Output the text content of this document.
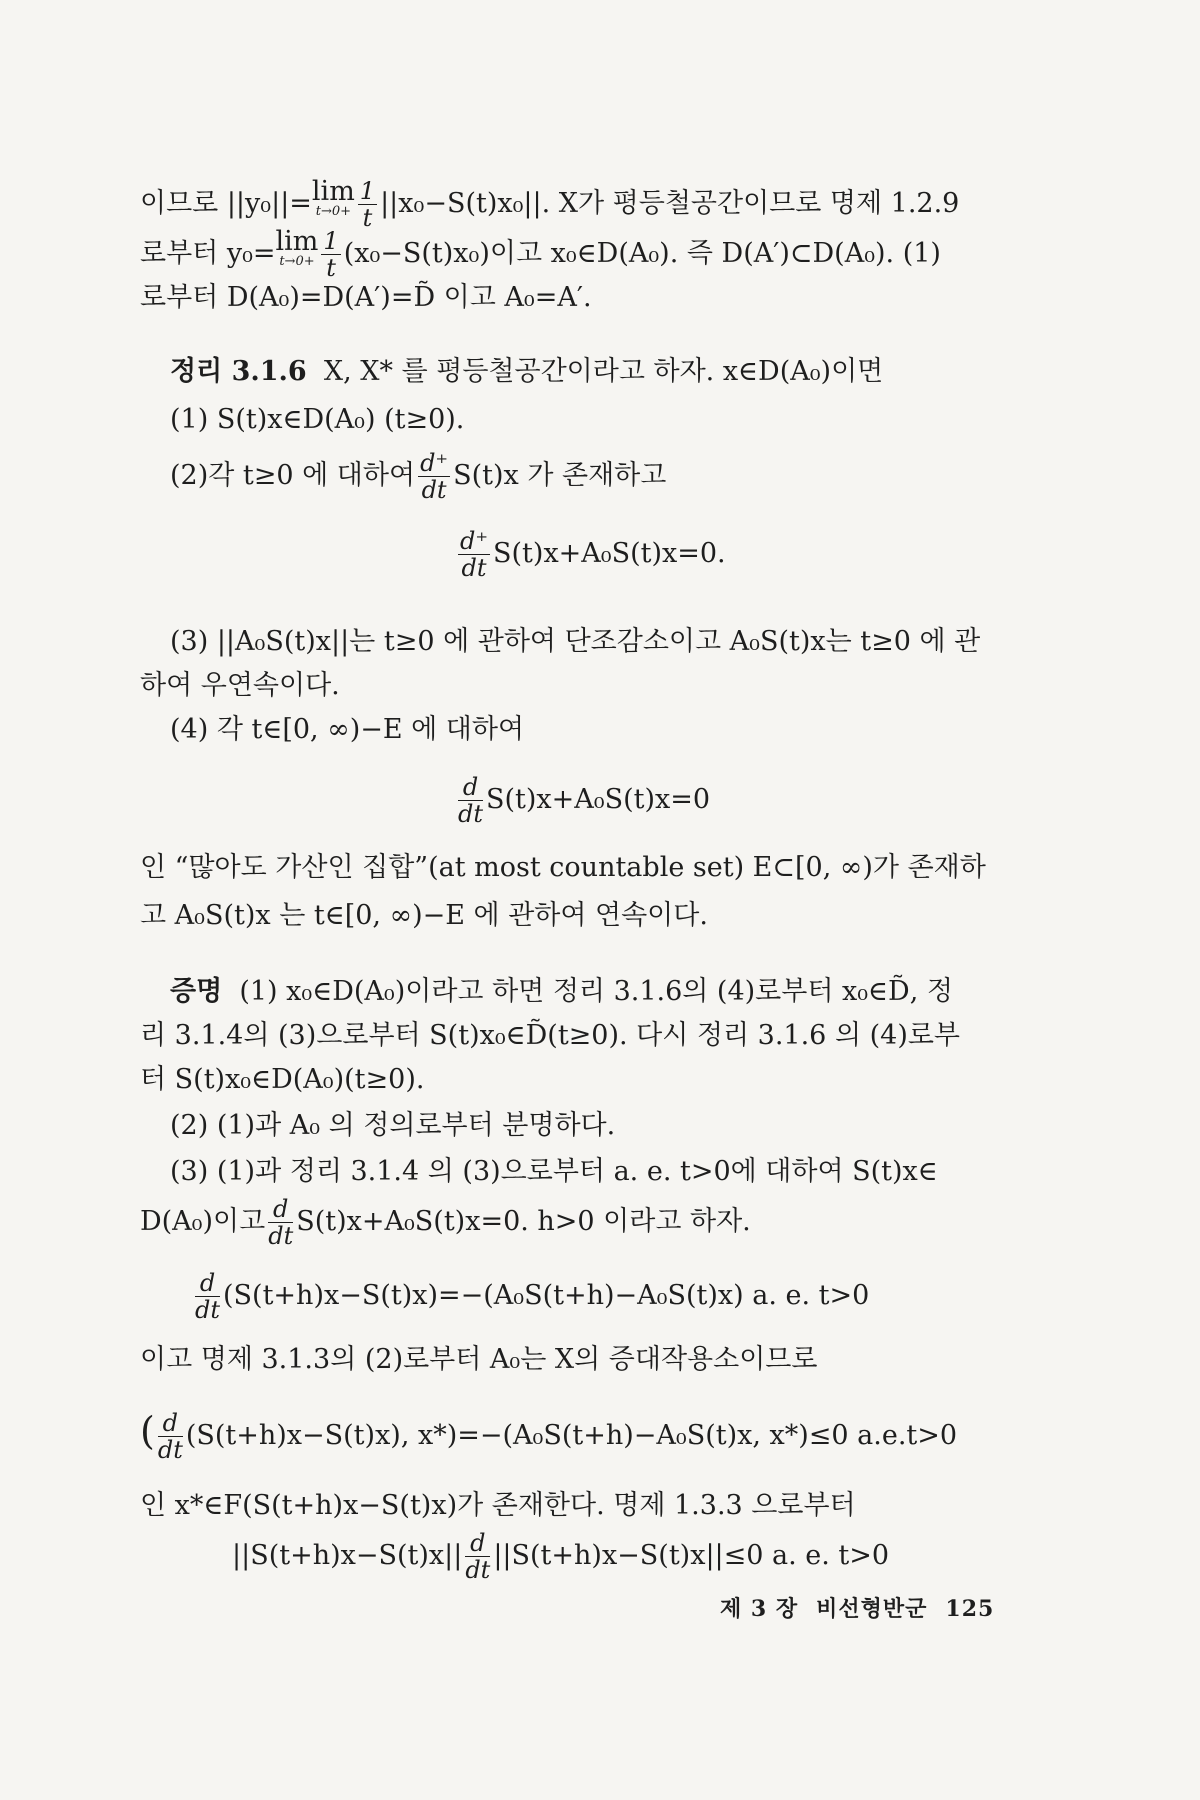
이므로 ||y₀||=lim
$t\to 0+ \frac{1}{t} ||x_0-S(t)x_0||$. X가 평등철공간이므로 명제 1.2.9
로부터 y₀=lim
$t\to 0+ \frac{1}{t} (x_0-S(t)x_0)$이고 x₀∈D(A₀). 즉 D(A′)⊂D(A₀). (1)
로부터 D(A₀)=D(A′)=D̃ 이고 A₀=A′.
정리 3.1.6 X, X* 를 평등철공간이라고 하자. x∈D(A₀)이면
(1) S(t)x∈D(A₀) (t≥0).
(2)각 t≥0 에 대하여 $\frac{d^+}{dt} S(t)x$ 가 존재하고
$\frac{d^+}{dt} S(t)x+A_0S(t)x=0$.
(3) ||A₀S(t)x||는 t≥0 에 관하여 단조감소이고 A₀S(t)x는 t≥0 에 관
하여 우연속이다.
(4) 각 t∈[0, ∞)−E 에 대하여
$\frac{d}{dt} S(t)x+A_0S(t)x=0$
인 “많아도 가산인 집합”(at most countable set) E⊂[0, ∞)가 존재하
고 A₀S(t)x 는 t∈[0, ∞)−E 에 관하여 연속이다.
증명 (1) x₀∈D(A₀)이라고 하면 정리 3.1.6의 (4)로부터 x₀∈D̃, 정
리 3.1.4의 (3)으로부터 S(t)x₀∈D̃(t≥0). 다시 정리 3.1.6 의 (4)로부
터 S(t)x₀∈D(A₀)(t≥0).
(2) (1)과 A₀ 의 정의로부터 분명하다.
(3) (1)과 정리 3.1.4 의 (3)으로부터 a. e. t>0에 대하여 S(t)x∈
D(A₀)이고 $\frac{d}{dt} S(t)x+A_0S(t)x=0$. h>0 이라고 하자.
$\frac{d}{dt} (S(t+h)x-S(t)x)=-(A_0S(t+h)-A_0S(t)x)$ a. e. t>0
이고 명제 3.1.3의 (2)로부터 A₀는 X의 증대작용소이므로
( $\frac{d}{dt} (S(t+h)x-S(t)x)$, x*)=−(A₀S(t+h)−A₀S(t)x, x*)≤0 a.e.t>0
인 x*∈F(S(t+h)x−S(t)x)가 존재한다. 명제 1.3.3 으로부터
$||S(t+h)x-S(t)x|| \frac{d}{dt} ||S(t+h)x-S(t)x||\le 0$ a. e. t>0
제 3 장 비선형반군 125
